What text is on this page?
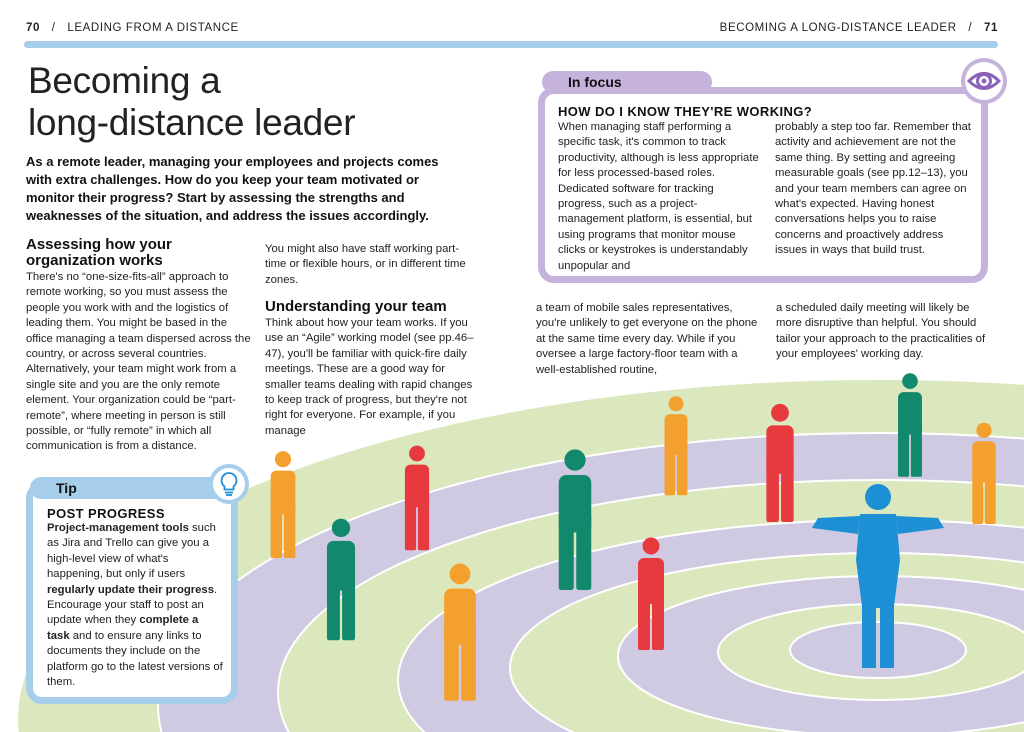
70 / LEADING FROM A DISTANCE	BECOMING A LONG-DISTANCE LEADER / 71
Becoming a
long-distance leader
As a remote leader, managing your employees and projects comes with extra challenges. How do you keep your team motivated or monitor their progress? Start by assessing the strengths and weaknesses of the situation, and address the issues accordingly.
Assessing how your
organization works
There's no “one-size-fits-all” approach to remote working, so you must assess the people you work with and the logistics of leading them. You might be based in the office managing a team dispersed across the country, or across several countries. Alternatively, your team might work from a single site and you are the only remote element. Your organization could be “part-remote”, where meeting in person is still possible, or “fully remote” in which all communication is from a distance.
You might also have staff working part-time or flexible hours, or in different time zones.
Understanding your team
Think about how your team works. If you use an “Agile” working model (see pp.46–47), you'll be familiar with quick-fire daily meetings. These are a good way for smaller teams dealing with rapid changes to keep track of progress, but they're not right for everyone. For example, if you manage
a team of mobile sales representatives, you're unlikely to get everyone on the phone at the same time every day. While if you oversee a large factory-floor team with a well-established routine,
a scheduled daily meeting will likely be more disruptive than helpful. You should tailor your approach to the practicalities of your employees' working day.
In focus
HOW DO I KNOW THEY'RE WORKING?
When managing staff performing a specific task, it's common to track productivity, although is less appropriate for less processed-based roles. Dedicated software for tracking progress, such as a project-management platform, is essential, but using programs that monitor mouse clicks or keystrokes is understandably unpopular and
probably a step too far. Remember that activity and achievement are not the same thing. By setting and agreeing measurable goals (see pp.12–13), you and your team members can agree on what's expected. Having honest conversations helps you to raise concerns and proactively address issues in ways that build trust.
Tip
POST PROGRESS
Project-management tools such as Jira and Trello can give you a high-level view of what's happening, but only if users regularly update their progress. Encourage your staff to post an update when they complete a task and to ensure any links to documents they include on the platform go to the latest versions of them.
